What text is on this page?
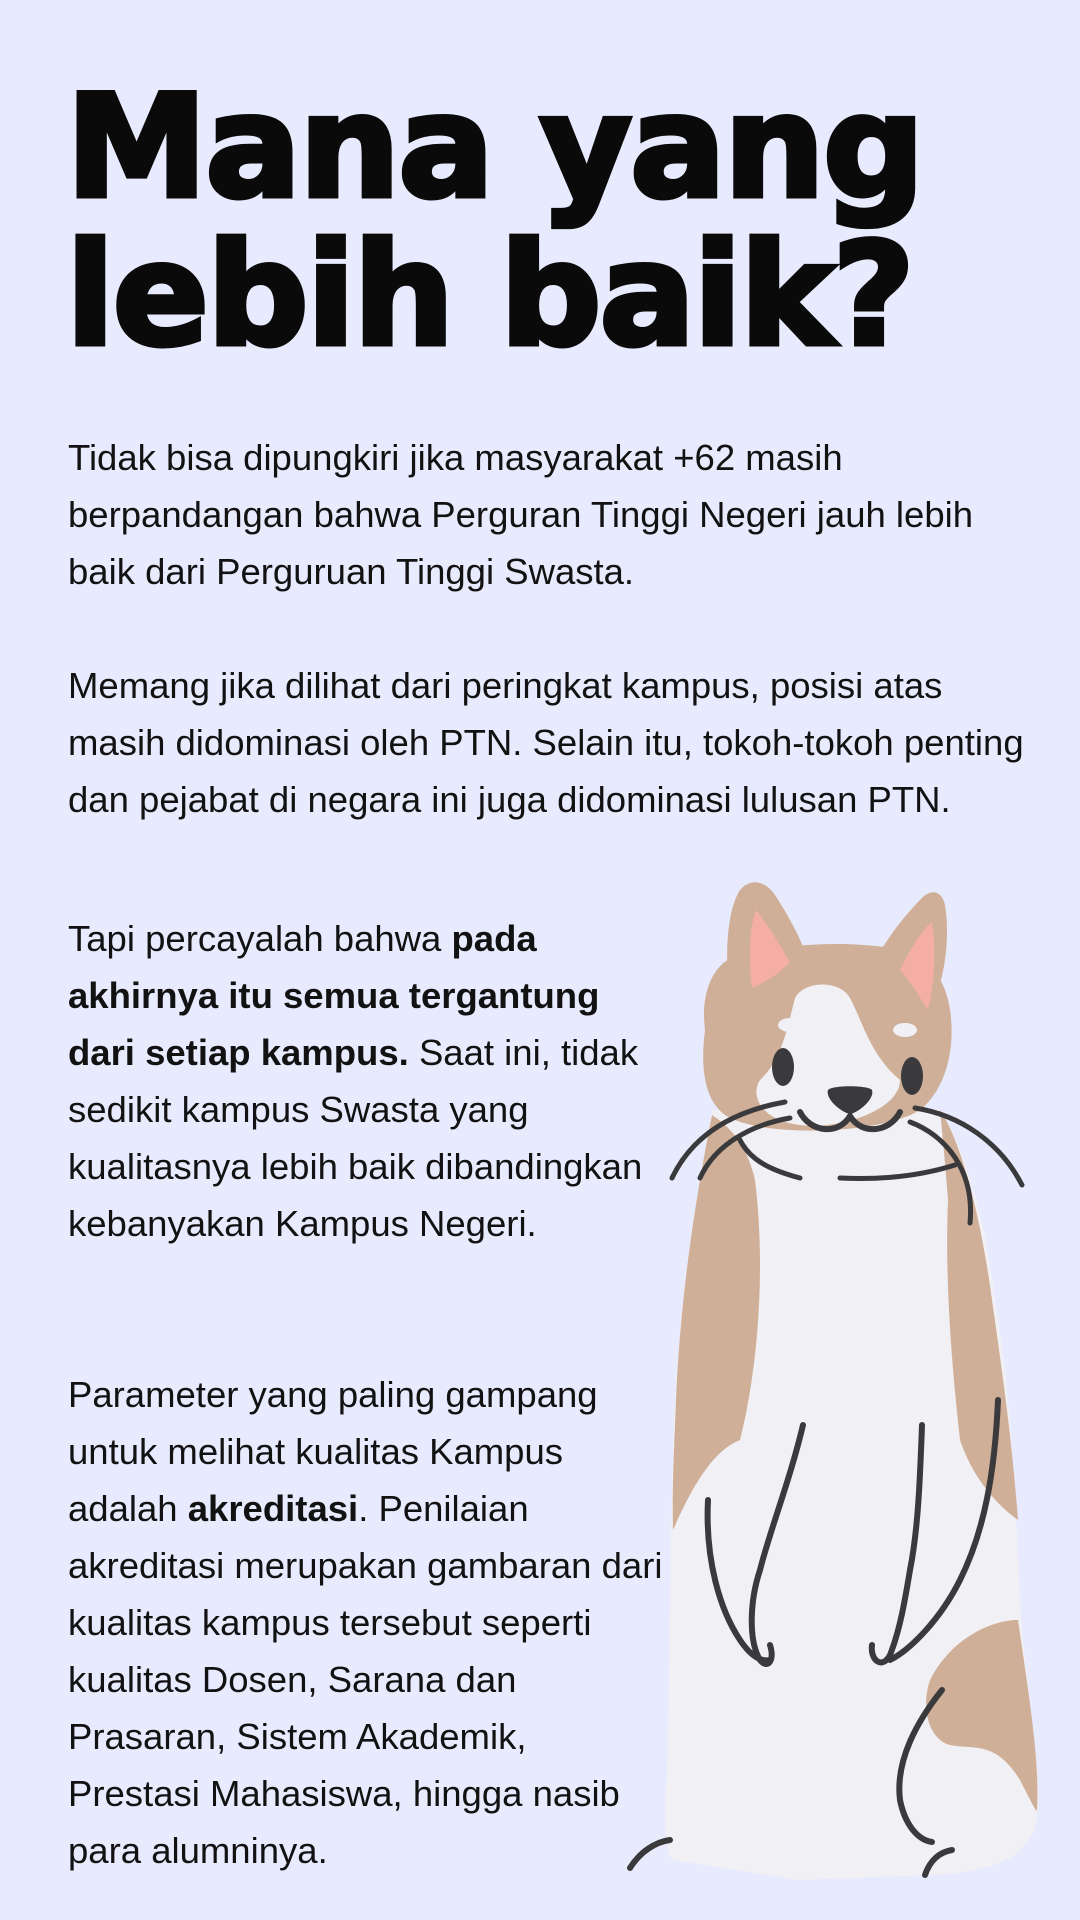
Mana yang
lebih baik?

Tidak bisa dipungkiri jika masyarakat +62 masih berpandangan bahwa Perguran Tinggi Negeri jauh lebih baik dari Perguruan Tinggi Swasta.

Memang jika dilihat dari peringkat kampus, posisi atas masih didominasi oleh PTN. Selain itu, tokoh-tokoh penting dan pejabat di negara ini juga didominasi lulusan PTN.

Tapi percayalah bahwa pada akhirnya itu semua tergantung dari setiap kampus. Saat ini, tidak sedikit kampus Swasta yang kualitasnya lebih baik dibandingkan kebanyakan Kampus Negeri.

Parameter yang paling gampang untuk melihat kualitas Kampus adalah akreditasi. Penilaian akreditasi merupakan gambaran dari kualitas kampus tersebut seperti kualitas Dosen, Sarana dan Prasaran, Sistem Akademik, Prestasi Mahasiswa, hingga nasib para alumninya.
